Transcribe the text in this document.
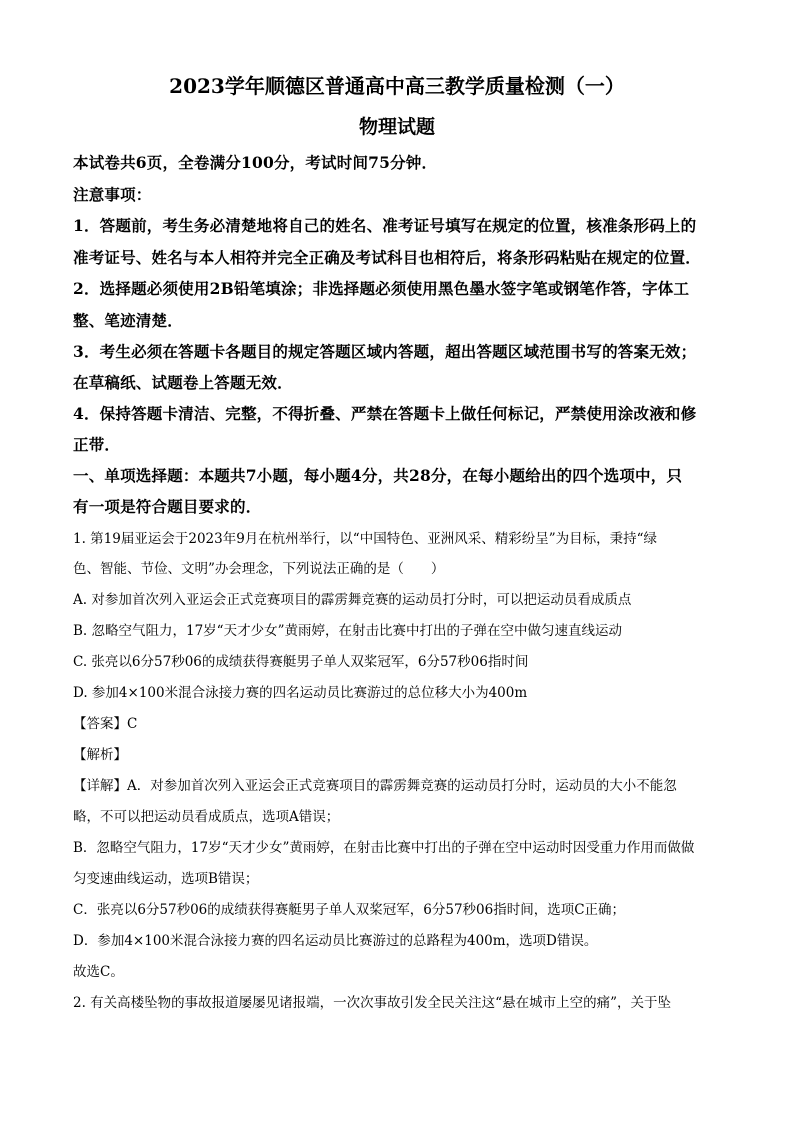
2023学年顺德区普通高中高三教学质量检测（一）
物理试题
本试卷共6页，全卷满分100分，考试时间75分钟．
注意事项：
1．答题前，考生务必清楚地将自己的姓名、准考证号填写在规定的位置，核准条形码上的
准考证号、姓名与本人相符并完全正确及考试科目也相符后，将条形码粘贴在规定的位置．
2．选择题必须使用2B铅笔填涂；非选择题必须使用黑色墨水签字笔或钢笔作答，字体工
整、笔迹清楚．
3．考生必须在答题卡各题目的规定答题区域内答题，超出答题区域范围书写的答案无效；
在草稿纸、试题卷上答题无效．
4．保持答题卡清洁、完整，不得折叠、严禁在答题卡上做任何标记，严禁使用涂改液和修
正带．
一、单项选择题：本题共7小题，每小题4分，共28分，在每小题给出的四个选项中，只
有一项是符合题目要求的．
1. 第19届亚运会于2023年9月在杭州举行，以“中国特色、亚洲风采、精彩纷呈”为目标，秉持“绿
色、智能、节俭、文明”办会理念，下列说法正确的是（　　）
A. 对参加首次列入亚运会正式竞赛项目的霹雳舞竞赛的运动员打分时，可以把运动员看成质点
B. 忽略空气阻力，17岁“天才少女”黄雨婷，在射击比赛中打出的子弹在空中做匀速直线运动
C. 张亮以6分57秒06的成绩获得赛艇男子单人双桨冠军，6分57秒06指时间
D. 参加4×100米混合泳接力赛的四名运动员比赛游过的总位移大小为400m
【答案】C
【解析】
【详解】A．对参加首次列入亚运会正式竞赛项目的霹雳舞竞赛的运动员打分时，运动员的大小不能忽
略，不可以把运动员看成质点，选项A错误；
B．忽略空气阻力，17岁“天才少女”黄雨婷，在射击比赛中打出的子弹在空中运动时因受重力作用而做做
匀变速曲线运动，选项B错误；
C．张亮以6分57秒06的成绩获得赛艇男子单人双桨冠军，6分57秒06指时间，选项C正确；
D．参加4×100米混合泳接力赛的四名运动员比赛游过的总路程为400m，选项D错误。
故选C。
2. 有关高楼坠物的事故报道屡屡见诸报端，一次次事故引发全民关注这“悬在城市上空的痛”，关于坠
